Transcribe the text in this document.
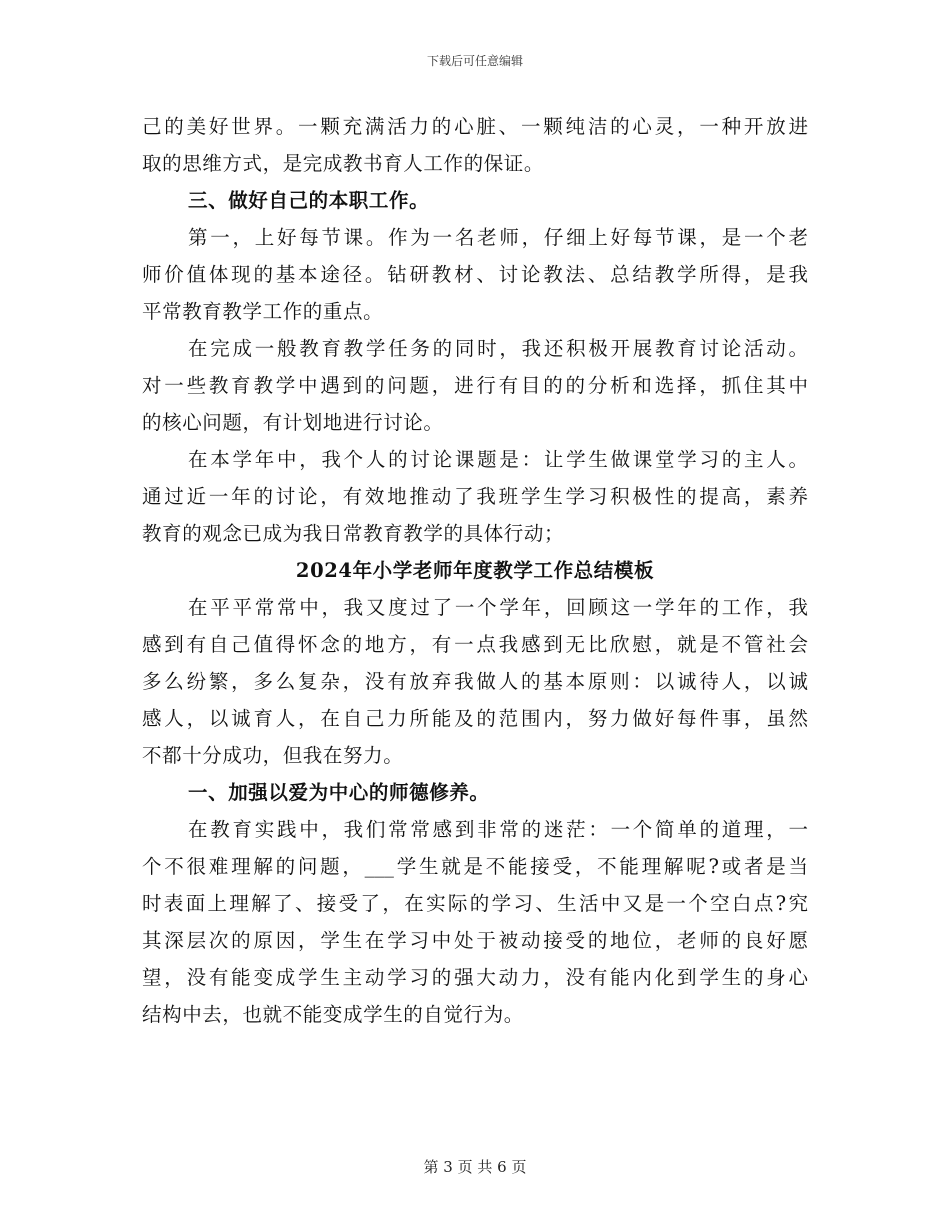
下载后可任意编辑
己的美好世界。一颗充满活力的心脏、一颗纯洁的心灵，一种开放进
取的思维方式，是完成教书育人工作的保证。
三、做好自己的本职工作。
第一，上好每节课。作为一名老师，仔细上好每节课，是一个老
师价值体现的基本途径。钻研教材、讨论教法、总结教学所得，是我
平常教育教学工作的重点。
在完成一般教育教学任务的同时，我还积极开展教育讨论活动。
对一些教育教学中遇到的问题，进行有目的的分析和选择，抓住其中
的核心问题，有计划地进行讨论。
在本学年中，我个人的讨论课题是：让学生做课堂学习的主人。
通过近一年的讨论，有效地推动了我班学生学习积极性的提高，素养
教育的观念已成为我日常教育教学的具体行动；
2024年小学老师年度教学工作总结模板
在平平常常中，我又度过了一个学年，回顾这一学年的工作，我
感到有自己值得怀念的地方，有一点我感到无比欣慰，就是不管社会
多么纷繁，多么复杂，没有放弃我做人的基本原则：以诚待人，以诚
感人，以诚育人，在自己力所能及的范围内，努力做好每件事，虽然
不都十分成功，但我在努力。
一、加强以爱为中心的师德修养。
在教育实践中，我们常常感到非常的迷茫：一个简单的道理，一
个不很难理解的问题，___学生就是不能接受，不能理解呢?或者是当
时表面上理解了、接受了，在实际的学习、生活中又是一个空白点?究
其深层次的原因，学生在学习中处于被动接受的地位，老师的良好愿
望，没有能变成学生主动学习的强大动力，没有能内化到学生的身心
结构中去，也就不能变成学生的自觉行为。
第 3 页 共 6 页
